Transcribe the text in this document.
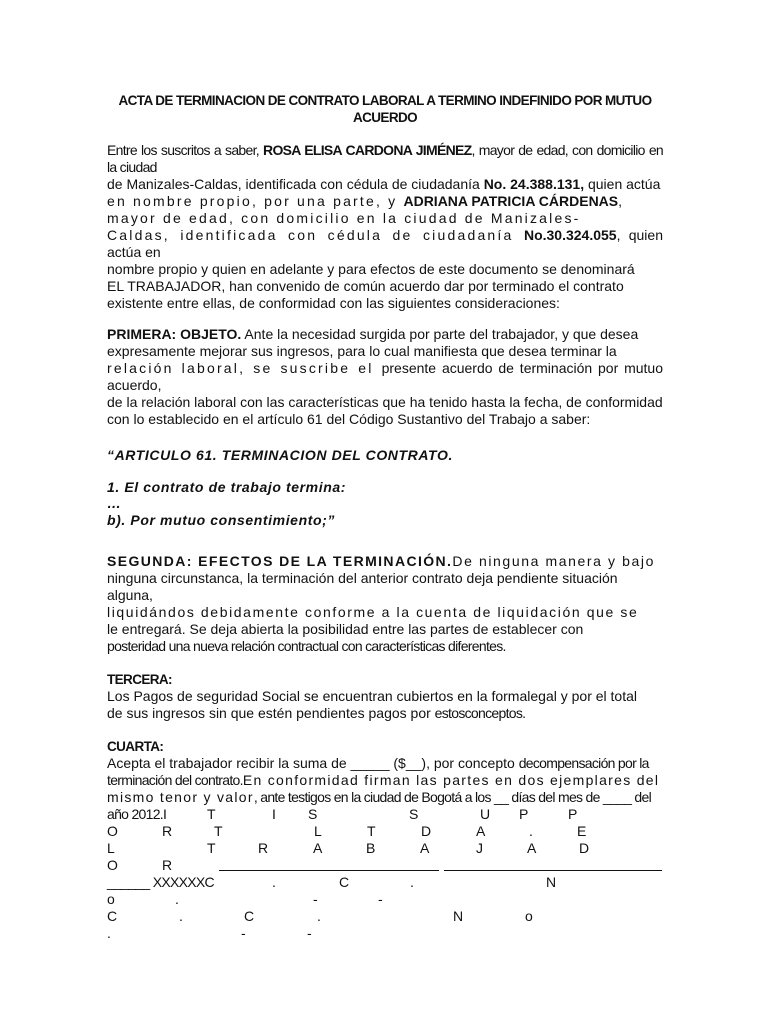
ACTA DE TERMINACION DE CONTRATO LABORAL A TERMINO INDEFINIDO POR MUTUO ACUERDO

Entre los suscritos a saber, ROSA ELISA CARDONA JIMÉNEZ, mayor de edad, con domicilio en la ciudad
de Manizales-Caldas, identificada con cédula de ciudadanía No. 24.388.131, quien actúa
en nombre propio, por una parte, y ADRIANA PATRICIA CÁRDENAS,
mayor de edad, con domicilio en la ciudad de Manizales-
Caldas, identificada con cédula de ciudadanía No.30.324.055, quien actúa en
nombre propio y quien en adelante y para efectos de este documento se denominará
EL TRABAJADOR, han convenido de común acuerdo dar por terminado el contrato
existente entre ellas, de conformidad con las siguientes consideraciones:

PRIMERA: OBJETO. Ante la necesidad surgida por parte del trabajador, y que desea
expresamente mejorar sus ingresos, para lo cual manifiesta que desea terminar la
relación laboral, se suscribe el presente acuerdo de terminación por mutuo acuerdo,
de la relación laboral con las características que ha tenido hasta la fecha, de conformidad
con lo establecido en el artículo 61 del Código Sustantivo del Trabajo a saber:

“ARTICULO 61. TERMINACION DEL CONTRATO.

1. El contrato de trabajo termina:

…

b). Por mutuo consentimiento;”

SEGUNDA: EFECTOS DE LA TERMINACIÓN.De ninguna manera y bajo
ninguna circunstanca, la terminación del anterior contrato deja pendiente situación
alguna,
liquidándos debidamente conforme a la cuenta de liquidación que se
le entregará. Se deja abierta la posibilidad entre las partes de establecer con
posteridad una nueva relación contractual con características diferentes.

TERCERA:

Los Pagos de seguridad Social se encuentran cubiertos en la formalegal y por el total
de sus ingresos sin que estén pendientes pagos por estosconceptos.

CUARTA:

Acepta el trabajador recibir la suma de _____ ($__), por concepto decompensación por la
terminación del contrato.En conformidad firman las partes en dos ejemplares del
mismo tenor y valor, ante testigos en la ciudad de Bogotá a los __ días del mes de ____ del

año 2012.I	T	I S	S	U P	P
O	R	T	L	T	D	A	.	E
L	T	R	A	B	A	J	A	D
O	R
______ XXXXXXC	.	C	.	N
o	.	-	-
C	.	C	.	N	o
.	-	-
